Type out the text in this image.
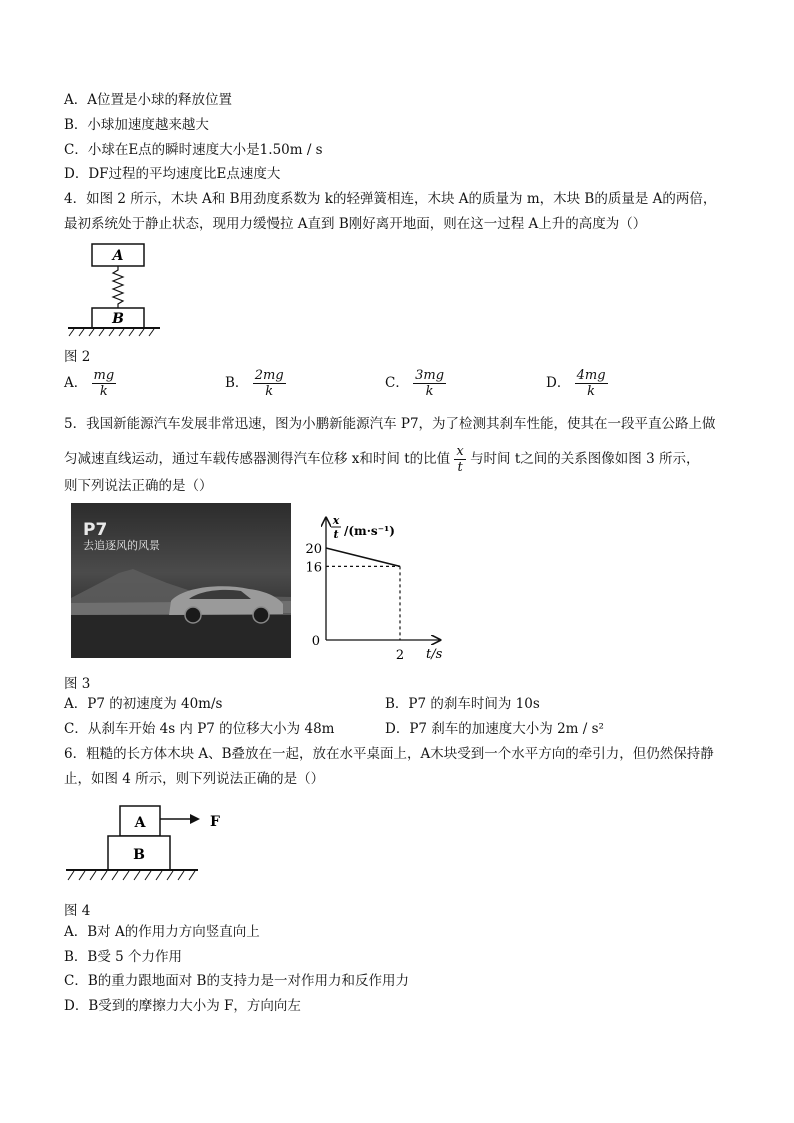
A．A位置是小球的释放位置
B．小球加速度越来越大
C．小球在E点的瞬时速度大小是1.50m / s
D．DF过程的平均速度比E点速度大
4．如图 2 所示，木块 A和 B用劲度系数为 k的轻弹簧相连，木块 A的质量为 m，木块 B的质量是 A的两倍，
最初系统处于静止状态，现用力缓慢拉 A直到 B刚好离开地面，则在这一过程 A上升的高度为（）
A
B
图 2
A． $\frac{mg}{k}$	B． $\frac{2mg}{k}$	C． $\frac{3mg}{k}$	D． $\frac{4mg}{k}$
5．我国新能源汽车发展非常迅速，图为小鹏新能源汽车 P7，为了检测其刹车性能，使其在一段平直公路上做
匀减速直线运动，通过车载传感器测得汽车位移 x和时间 t的比值 $\frac{x}{t}$ 与时间 t之间的关系图像如图 3 所示，
则下列说法正确的是（）
P7
去追逐风的风景
x
t /(m·s⁻¹)
t/s
0
20
16
2
图 3
A．P7 的初速度为 40m/s	B．P7 的刹车时间为 10s
C．从刹车开始 4s 内 P7 的位移大小为 48m	D．P7 刹车的加速度大小为 2m / s²
6．粗糙的长方体木块 A、B叠放在一起，放在水平桌面上，A木块受到一个水平方向的牵引力，但仍然保持静
止，如图 4 所示，则下列说法正确的是（）
A	F
B
图 4
A．B对 A的作用力方向竖直向上
B．B受 5 个力作用
C．B的重力跟地面对 B的支持力是一对作用力和反作用力
D．B受到的摩擦力大小为 F，方向向左
